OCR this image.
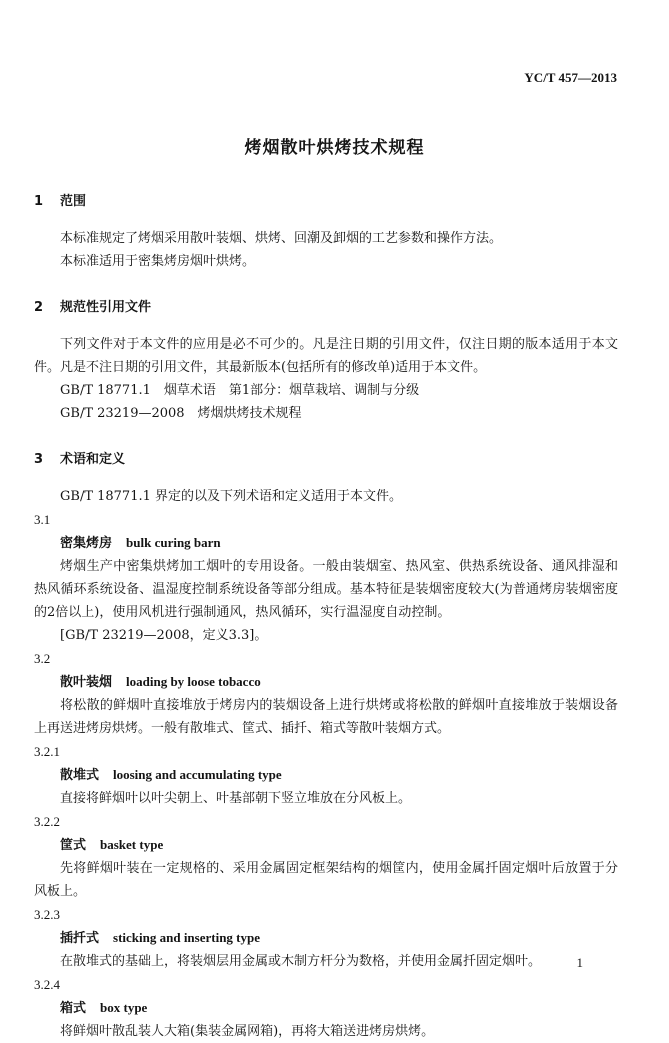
YC/T 457—2013
烤烟散叶烘烤技术规程
1 范围
本标准规定了烤烟采用散叶装烟、烘烤、回潮及卸烟的工艺参数和操作方法。
本标准适用于密集烤房烟叶烘烤。
2 规范性引用文件
下列文件对于本文件的应用是必不可少的。凡是注日期的引用文件，仅注日期的版本适用于本文件。凡是不注日期的引用文件，其最新版本(包括所有的修改单)适用于本文件。
GB/T 18771.1　烟草术语　第1部分：烟草栽培、调制与分级
GB/T 23219—2008　烤烟烘烤技术规程
3 术语和定义
GB/T 18771.1 界定的以及下列术语和定义适用于本文件。
3.1
密集烤房 bulk curing barn
烤烟生产中密集烘烤加工烟叶的专用设备。一般由装烟室、热风室、供热系统设备、通风排湿和热风循环系统设备、温湿度控制系统设备等部分组成。基本特征是装烟密度较大(为普通烤房装烟密度的2倍以上)，使用风机进行强制通风，热风循环，实行温湿度自动控制。
[GB/T 23219—2008，定义3.3]。
3.2
散叶装烟 loading by loose tobacco
将松散的鲜烟叶直接堆放于烤房内的装烟设备上进行烘烤或将松散的鲜烟叶直接堆放于装烟设备上再送进烤房烘烤。一般有散堆式、筐式、插扦、箱式等散叶装烟方式。
3.2.1
散堆式 loosing and accumulating type
直接将鲜烟叶以叶尖朝上、叶基部朝下竖立堆放在分风板上。
3.2.2
筐式 basket type
先将鲜烟叶装在一定规格的、采用金属固定框架结构的烟筐内，使用金属扦固定烟叶后放置于分风板上。
3.2.3
插扦式 sticking and inserting type
在散堆式的基础上，将装烟层用金属或木制方杆分为数格，并使用金属扦固定烟叶。
3.2.4
箱式 box type
将鲜烟叶散乱装人大箱(集装金属网箱)，再将大箱送进烤房烘烤。
1
